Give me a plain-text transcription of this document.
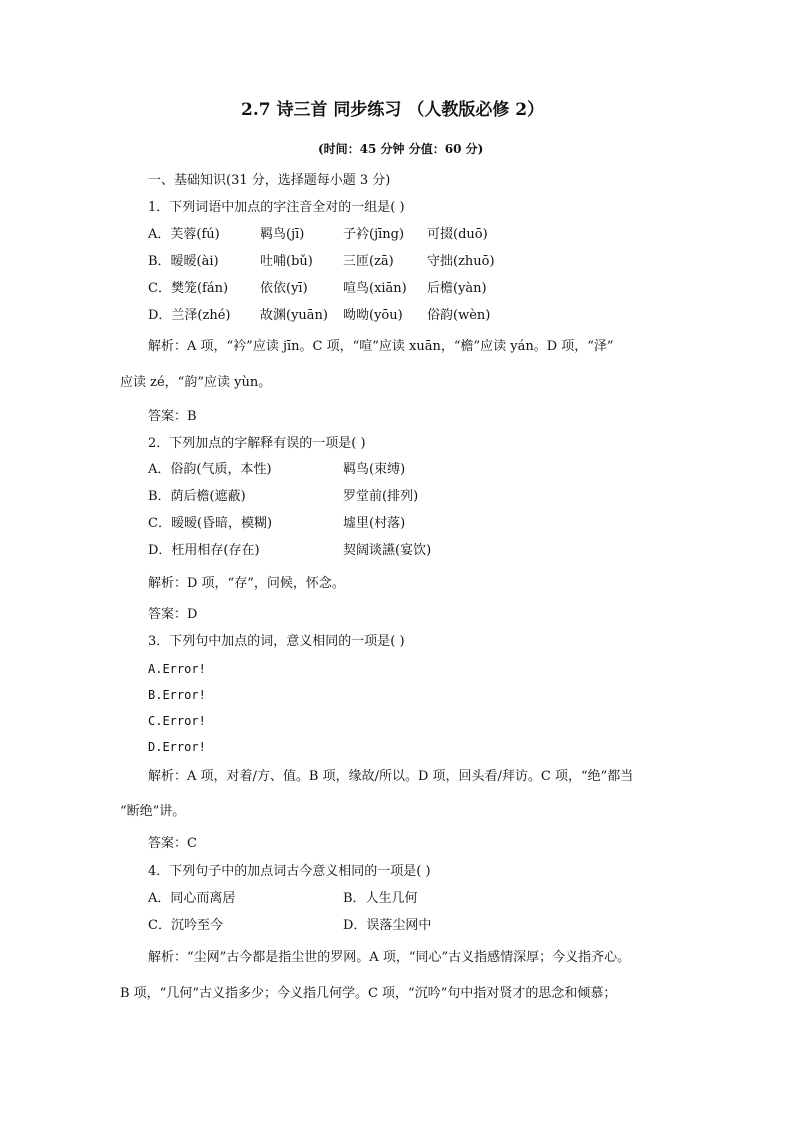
2.7 诗三首 同步练习 （人教版必修 2）
(时间：45 分钟 分值：60 分)
一、基础知识(31 分，选择题每小题 3 分)
1．下列词语中加点的字注音全对的一组是( )
A．芙蓉(fú)	羁鸟(jī)	子衿(jīng) 可掇(duō)
B．暧暧(ài)	吐哺(bǔ) 三匝(zā)	守拙(zhuō)
C．樊笼(fán) 依依(yī)	喧鸟(xiān) 后檐(yàn)
D．兰泽(zhé) 故渊(yuān) 呦呦(yōu) 俗韵(wèn)
解析：A 项，“衿”应读 jīn。C 项，“喧”应读 xuān，“檐”应读 yán。D 项，“泽”
应读 zé，“韵”应读 yùn。
答案：B
2．下列加点的字解释有误的一项是( )
A．俗韵(气质，本性)	羁鸟(束缚)
B．荫后檐(遮蔽)	罗堂前(排列)
C．暧暧(昏暗，模糊)	墟里(村落)
D．枉用相存(存在)	契阔谈讌(宴饮)
解析：D 项，“存”，问候，怀念。
答案：D
3．下列句中加点的词，意义相同的一项是( )
A.Error!
B.Error!
C.Error!
D.Error!
解析：A 项，对着/方、值。B 项，缘故/所以。D 项，回头看/拜访。C 项，“绝”都当
“断绝”讲。
答案：C
4．下列句子中的加点词古今意义相同的一项是( )
A．同心而离居	B．人生几何
C．沉吟至今	D．误落尘网中
解析：“尘网”古今都是指尘世的罗网。A 项，“同心”古义指感情深厚；今义指齐心。
B 项，“几何”古义指多少；今义指几何学。C 项，“沉吟”句中指对贤才的思念和倾慕；
